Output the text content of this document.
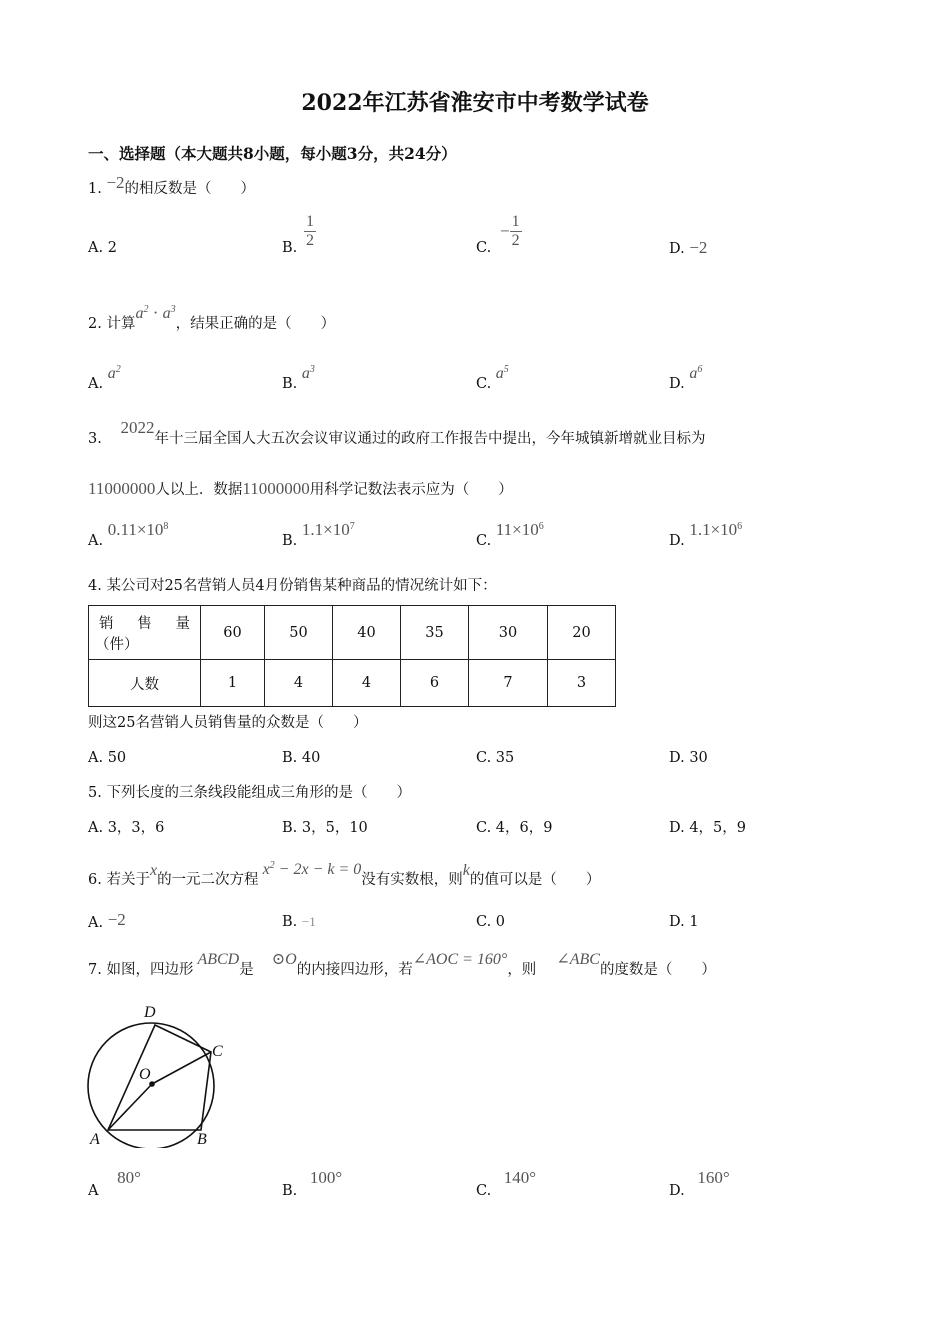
2022年江苏省淮安市中考数学试卷
一、选择题（本大题共8小题，每小题3分，共24分）
1. −2的相反数是（　　）
A. 2	B. $\frac{1}{2}$	C.
− $\frac{1}{2}$	D. −2
2. 计算$a^2 \cdot a^3$，结果正确的是（　　）
A. $a^2$
B. $a^3$
C. $a^5$
D. $a^6$
3. 2022年十三届全国人大五次会议审议通过的政府工作报告中提出，今年城镇新增就业目标为
11000000人以上．数据11000000用科学记数法表示应为（　　）
A. $0.11\times 10^8$
B. $1.1\times 10^7$
C. $11\times 10^6$
D. $1.1\times 10^6$
4. 某公司对25名营销人员4月份销售某种商品的情况统计如下：
销 售 量
（件）	60	50	40	35	30	20
人数	1	4	4	6	7	3
则这25名营销人员销售量的众数是（　　）
A. 50	B. 40	C. 35	D. 30
5. 下列长度的三条线段能组成三角形的是（　　）
A. 3，3，6	B. 3，5，10	C. 4，6，9	D. 4，5，9
6. 若关于x的一元二次方程$x^2 - 2x - k = 0$没有实数根，则k的值可以是（　　）
A. −2	B. −1	C. 0	D. 1
7. 如图，四边形ABCD是⊙O的内接四边形，若∠AOC = 160°，则∠ABC的度数是（　　）
D
C
O
A	B
A 80°
B. 100°
C. 140°
D. 160°
